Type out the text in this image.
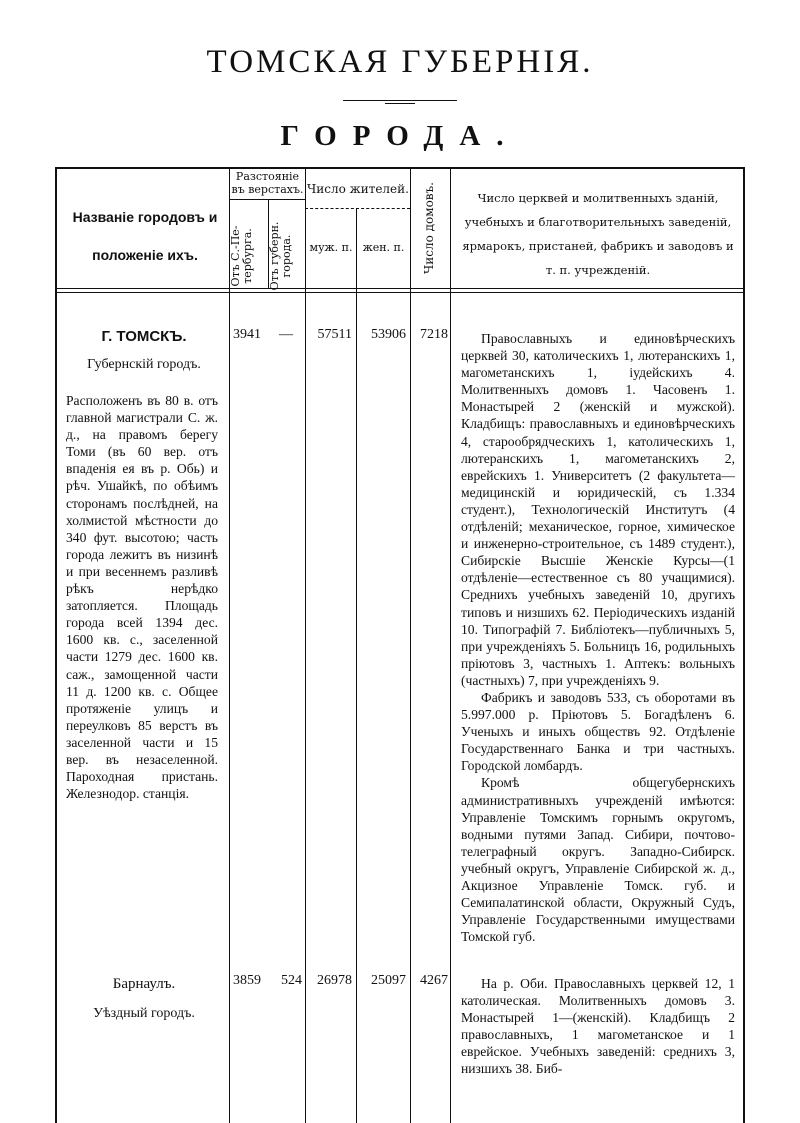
ТОМСКАЯ ГУБЕРНІЯ.
ГОРОДА.
Названіе городовъ и положеніе ихъ.
Разстояніе въ верстахъ.
Отъ С.-Пе- тербурга.	Отъ губерн. города.
Число жителей.
муж. п. жен. п.	Число домовъ.	Число церквей и молитвенныхъ зданій, учебныхъ и благотворительныхъ заведеній, ярмарокъ, пристаней, фабрикъ и заводовъ и т. п. учрежденій.
Г. ТОМСКЪ.
Губернскій городъ.
Расположенъ въ 80 в. отъ главной магистрали С. ж. д., на правомъ берегу Томи (въ 60 вер. отъ впаденія ея въ р. Обь) и рѣч. Ушайкѣ, по обѣимъ сторонамъ послѣдней, на холмистой мѣстности до 340 фут. высотою; часть города лежитъ въ низинѣ и при весеннемъ разливѣ рѣкъ нерѣдко затопляется. Площадь города всей 1394 дес. 1600 кв. с., заселенной части 1279 дес. 1600 кв. саж., замощенной части 11 д. 1200 кв. с. Общее протяженіе улицъ и переулковъ 85 верстъ въ заселенной части и 15 вер. въ незаселенной. Пароходная пристань. Железнодор. станція.
3941 —	57511	53906	7218	Православныхъ и единовѣрческихъ церквей 30, католическихъ 1, лютеранскихъ 1, магометанскихъ 1, іудейскихъ 4. Молитвенныхъ домовъ 1. Часовенъ 1. Монастырей 2 (женскій и мужской). Кладбищъ: православныхъ и единовѣрческихъ 4, старообрядческихъ 1, католическихъ 1, лютеранскихъ 1, магометанскихъ 2, еврейскихъ 1. Университетъ (2 факультета—медицинскій и юридическій, съ 1.334 студент.), Технологическій Институтъ (4 отдѣленій; механическое, горное, химическое и инженерно-строительное, съ 1489 студент.), Сибирскіе Высшіе Женскіе Курсы—(1 отдѣленіе—естественное съ 80 учащимися). Среднихъ учебныхъ заведеній 10, другихъ типовъ и низшихъ 62. Періодическихъ изданій 10. Типографій 7. Библіотекъ—публичныхъ 5, при учрежденіяхъ 5. Больницъ 16, родильныхъ пріютовъ 3, частныхъ 1. Аптекъ: вольныхъ (частныхъ) 7, при учрежденіяхъ 9.

Фабрикъ и заводовъ 533, съ оборотами въ 5.997.000 р. Пріютовъ 5. Богадѣленъ 6. Ученыхъ и иныхъ обществъ 92. Отдѣленіе Государственнаго Банка и три частныхъ. Городской ломбардъ.

Кромѣ общегубернскихъ административныхъ учрежденій имѣются: Управленіе Томскимъ горнымъ округомъ, водными путями Запад. Сибири, почтово-телеграфный округъ. Западно-Сибирск. учебный округъ, Управленіе Сибирской ж. д., Акцизное Управленіе Томск. губ. и Семипалатинской области, Окружный Судъ, Управленіе Государственными имуществами Томской губ.

Барнаулъ.
Уѣздный городъ.
3859	524	26978	25097	4267	На р. Оби. Православныхъ церквей 12, 1 католическая. Молитвенныхъ домовъ 3. Монастырей 1—(женскій). Кладбищъ 2 православныхъ, 1 магометанское и 1 еврейское. Учебныхъ заведеній: среднихъ 3, низшихъ 38. Биб-
